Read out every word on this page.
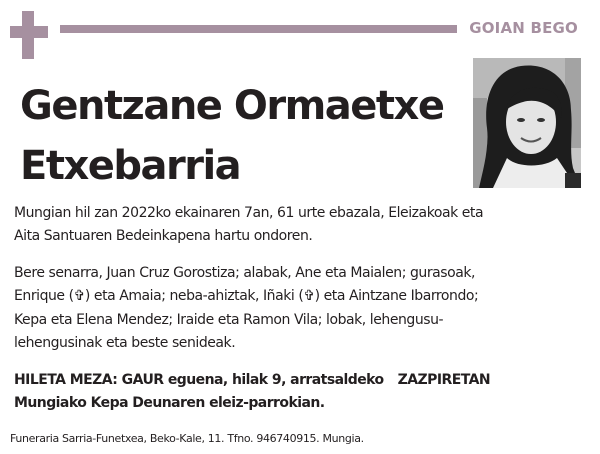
GOIAN BEGO
Gentzane Ormaetxe
Etxebarria
Mungian hil zan 2022ko ekainaren 7an, 61 urte ebazala, Eleizakoak eta
Aita Santuaren Bedeinkapena hartu ondoren.
Bere senarra, Juan Cruz Gorostiza; alabak, Ane eta Maialen; gurasoak,
Enrique (✞) eta Amaia; neba-ahiztak, Iñaki (✞) eta Aintzane Ibarrondo;
Kepa eta Elena Mendez; Iraide eta Ramon Vila; lobak, lehengusu-
lehengusinak eta beste senideak.
HILETA MEZA: GAUR eguena, hilak 9, arratsaldeko ZAZPIRETAN
Mungiako Kepa Deunaren eleiz-parrokian.
Funeraria Sarria-Funetxea, Beko-Kale, 11. Tfno. 946740915. Mungia.
